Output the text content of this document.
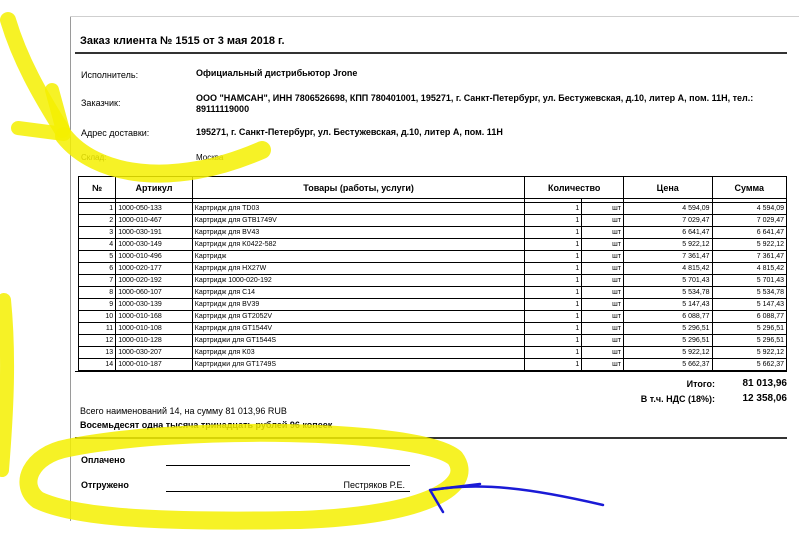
Заказ клиента № 1515 от 3 мая 2018 г.
Исполнитель:	Официальный дистрибьютор Jrone
Заказчик:	ООО "НАМСАН", ИНН 7806526698, КПП 780401001, 195271, г. Санкт-Петербург, ул. Бестужевская, д.10, литер А, пом. 11Н, тел.:
89111119000
Адрес доставки:	195271, г. Санкт-Петербург, ул. Бестужевская, д.10, литер А, пом. 11Н
Склад:	Москва
№	Артикул	Товары (работы, услуги)	Количество		Цена	Сумма

1	1000-050-133	Картридж для TD03	1	шт	4 594,09	4 594,09
2	1000-010-467	Картридж для GTB1749V	1	шт	7 029,47	7 029,47
3	1000-030-191	Картридж для BV43	1	шт	6 641,47	6 641,47
4	1000-030-149	Картридж для K0422-582	1	шт	5 922,12	5 922,12
5	1000-010-496	Картридж	1	шт	7 361,47	7 361,47
6	1000-020-177	Картридж для HX27W	1	шт	4 815,42	4 815,42
7	1000-020-192	Картридж 1000-020-192	1	шт	5 701,43	5 701,43
8	1000-060-107	Картридж для C14	1	шт	5 534,78	5 534,78
9	1000-030-139	Картридж для BV39	1	шт	5 147,43	5 147,43
10	1000-010-168	Картридж для GT2052V	1	шт	6 088,77	6 088,77
11	1000-010-108	Картридж для GT1544V	1	шт	5 296,51	5 296,51
12	1000-010-128	Картриджи для GT1544S	1	шт	5 296,51	5 296,51
13	1000-030-207	Картридж для K03	1	шт	5 922,12	5 922,12
14	1000-010-187	Картриджи для GT1749S	1	шт	5 662,37	5 662,37
Итого:	81 013,96
В т.ч. НДС (18%):	12 358,06
Всего наименований 14, на сумму 81 013,96 RUB
Восемьдесят одна тысяча тринадцать рублей 96 копеек
Оплачено
Отгружено	Пестряков Р.Е.
